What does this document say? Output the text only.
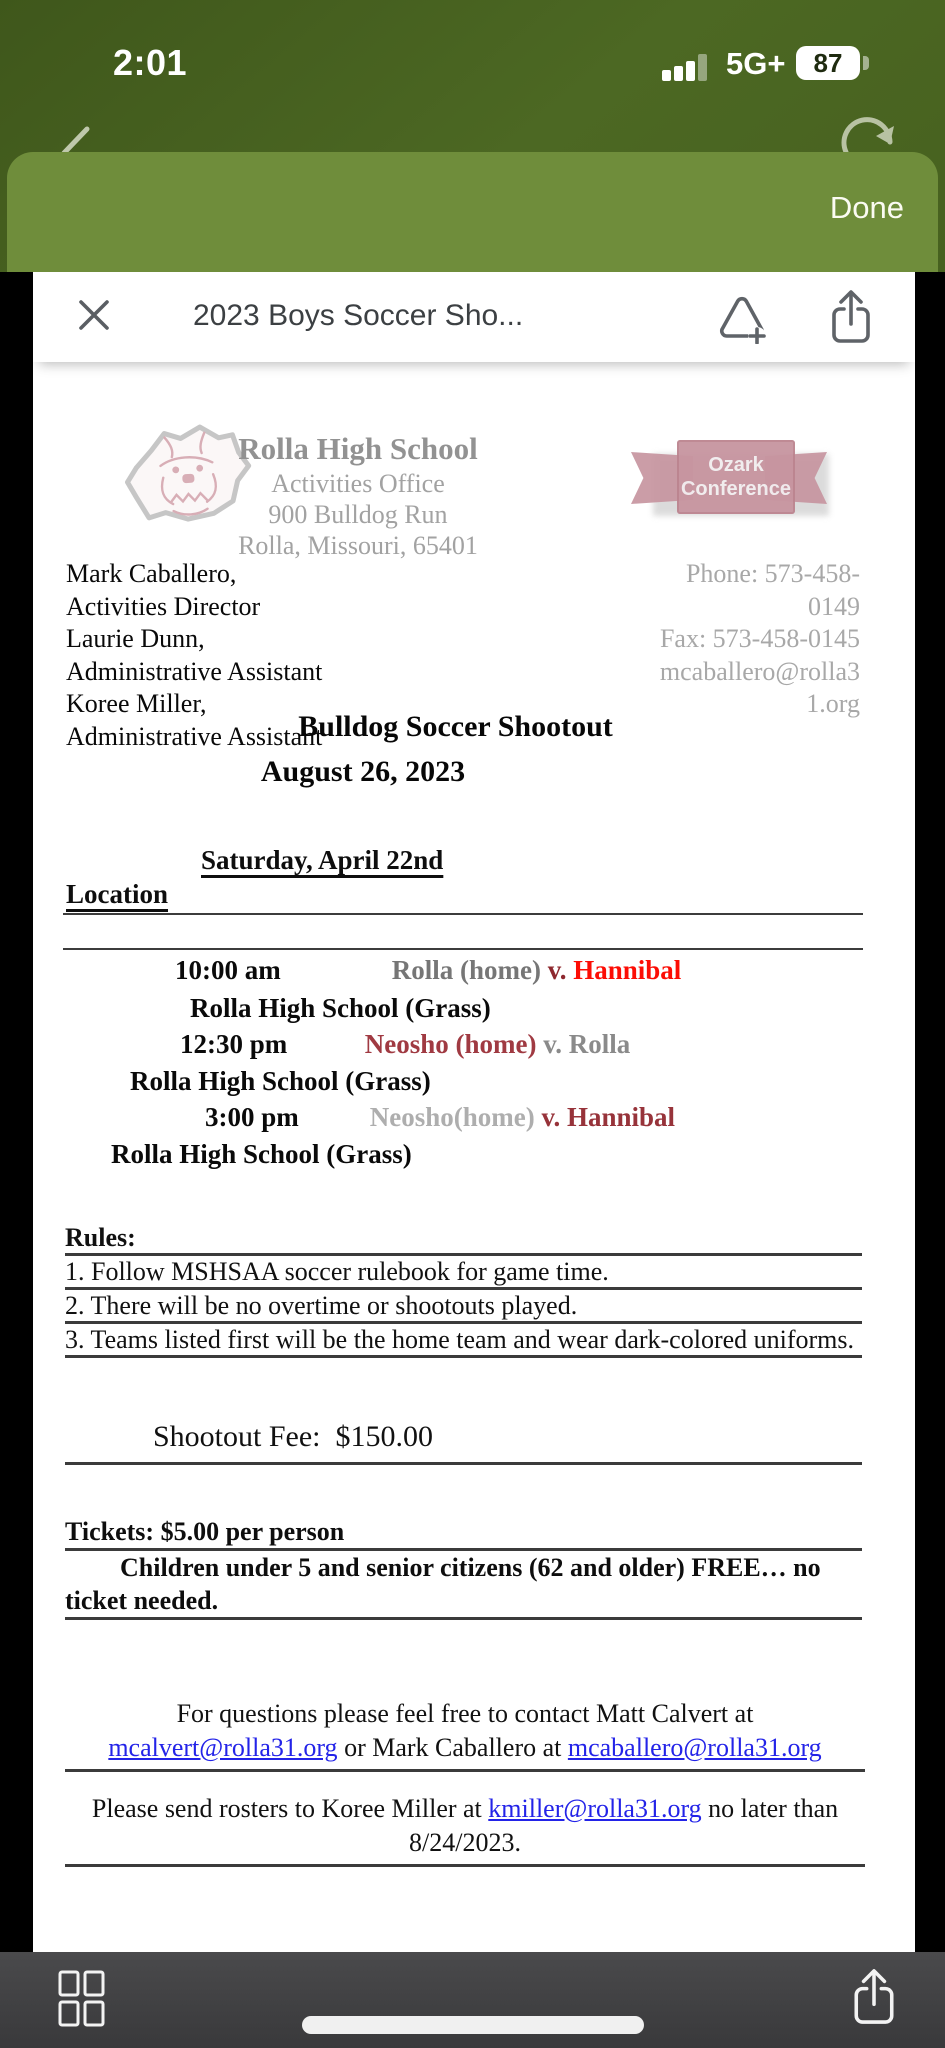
2:01	5G+	87
Done
2023 Boys Soccer Sho...
Rolla High School
Activities Office
900 Bulldog Run
Rolla, Missouri, 65401
Ozark
Conference
Mark Caballero,
Activities Director
Laurie Dunn,
Administrative Assistant
Koree Miller,
Administrative Assistant
Phone: 573-458-
0149
Fax: 573-458-0145
mcaballero@rolla3
1.org
Bulldog Soccer Shootout
August 26, 2023
Saturday, April 22nd
Location
10:00 am	Rolla (home) v. Hannibal
Rolla High School (Grass)
12:30 pm	Neosho (home) v. Rolla
Rolla High School (Grass)
3:00 pm	Neosho(home) v. Hannibal
Rolla High School (Grass)

Rules:

1. Follow MSHSAA soccer rulebook for game time.

2. There will be no overtime or shootouts played.

3. Teams listed first will be the home team and wear dark-colored uniforms.

Shootout Fee:  $150.00

Tickets: $5.00 per person

Children under 5 and senior citizens (62 and older) FREE… no
ticket needed.

For questions please feel free to contact Matt Calvert at
mcalvert@rolla31.org or Mark Caballero at mcaballero@rolla31.org

Please send rosters to Koree Miller at kmiller@rolla31.org no later than
8/24/2023.
